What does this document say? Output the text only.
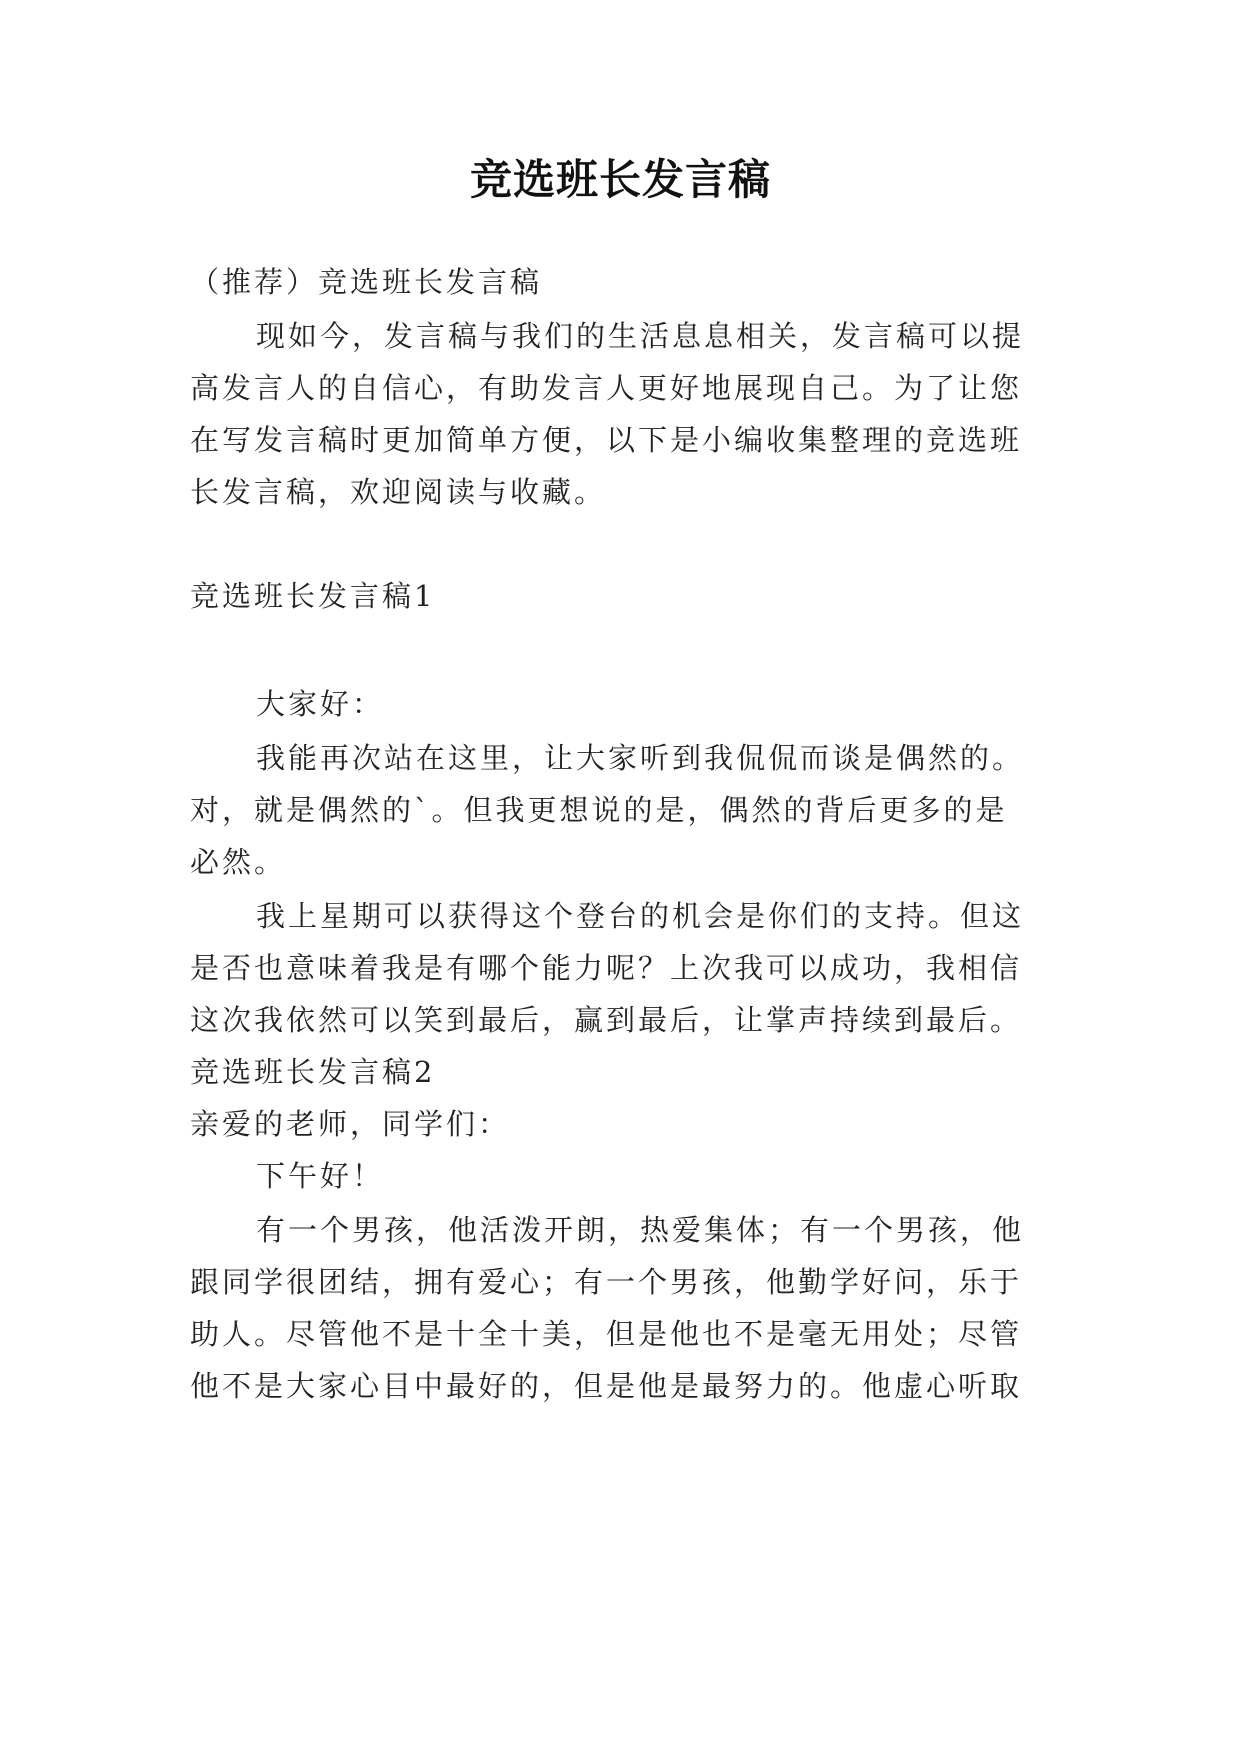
竞选班长发言稿
（推荐）竞选班长发言稿
现如今，发言稿与我们的生活息息相关，发言稿可以提
高发言人的自信心，有助发言人更好地展现自己。为了让您
在写发言稿时更加简单方便，以下是小编收集整理的竞选班
长发言稿，欢迎阅读与收藏。
竞选班长发言稿1
大家好：
我能再次站在这里，让大家听到我侃侃而谈是偶然的。
对，就是偶然的`。但我更想说的是，偶然的背后更多的是
必然。
我上星期可以获得这个登台的机会是你们的支持。但这
是否也意味着我是有哪个能力呢？上次我可以成功，我相信
这次我依然可以笑到最后，赢到最后，让掌声持续到最后。
竞选班长发言稿2
亲爱的老师，同学们：
下午好！
有一个男孩，他活泼开朗，热爱集体；有一个男孩，他
跟同学很团结，拥有爱心；有一个男孩，他勤学好问，乐于
助人。尽管他不是十全十美，但是他也不是毫无用处；尽管
他不是大家心目中最好的，但是他是最努力的。他虚心听取
